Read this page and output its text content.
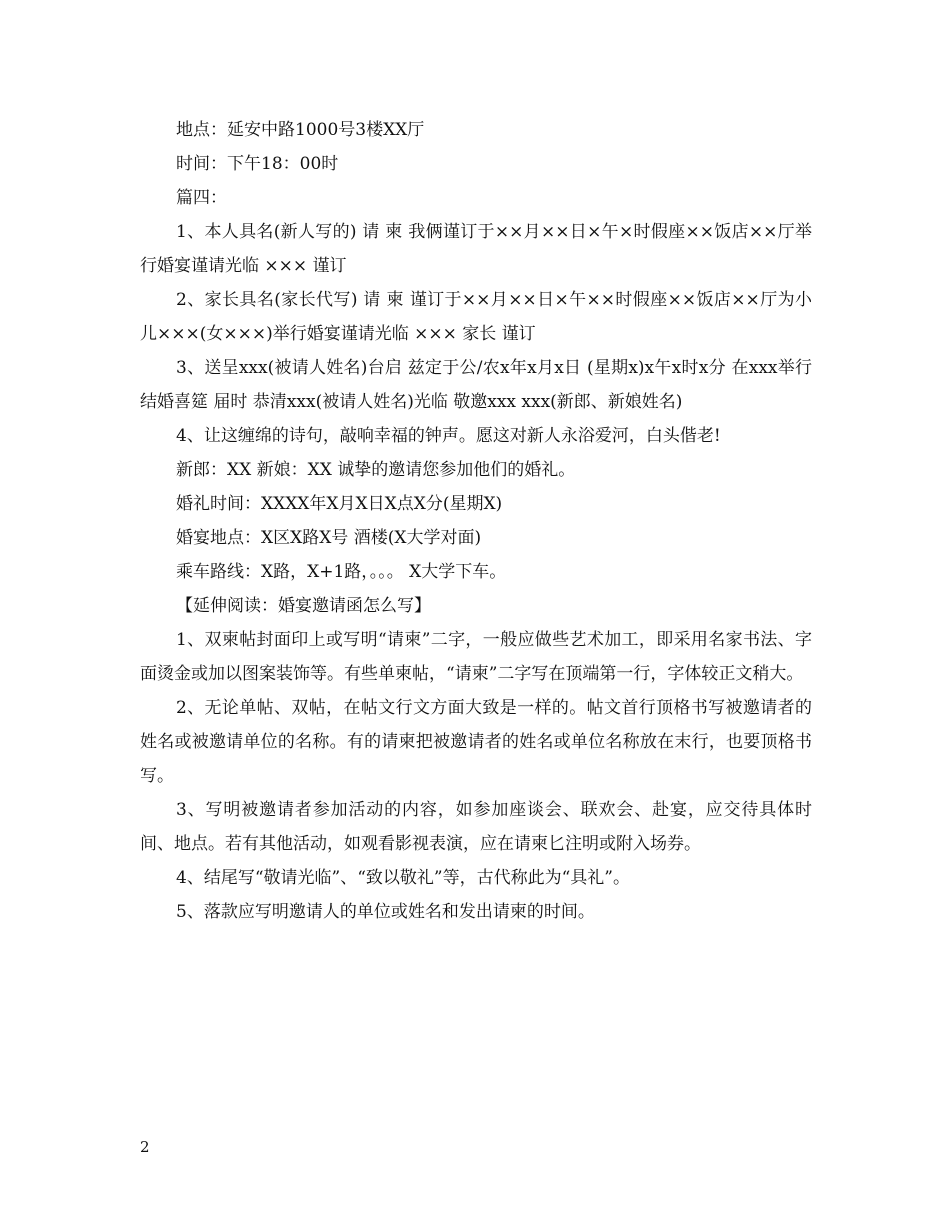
地点：延安中路1000号3楼XX厅

时间：下午18：00时

篇四：

1、本人具名(新人写的) 请 柬 我俩谨订于××月××日×午×时假座××饭店××厅举行婚宴谨请光临 ××× 谨订

2、家长具名(家长代写) 请 柬 谨订于××月××日×午××时假座××饭店××厅为小儿×××(女×××)举行婚宴谨请光临 ××× 家长 谨订

3、送呈xxx(被请人姓名)台启 兹定于公/农x年x月x日 (星期x)x午x时x分 在xxx举行结婚喜筵 届时 恭清xxx(被请人姓名)光临 敬邀xxx xxx(新郎、新娘姓名)

4、让这缠绵的诗句，敲响幸福的钟声。愿这对新人永浴爱河，白头偕老!

新郎：XX 新娘：XX 诚挚的邀请您参加他们的婚礼。

婚礼时间：XXXX年X月X日X点X分(星期X)

婚宴地点：X区X路X号 酒楼(X大学对面)

乘车路线：X路，X+1路，。。。 X大学下车。

【延伸阅读：婚宴邀请函怎么写】

1、双柬帖封面印上或写明“请柬”二字，一般应做些艺术加工，即采用名家书法、字面烫金或加以图案装饰等。有些单柬帖，“请柬”二字写在顶端第一行，字体较正文稍大。

2、无论单帖、双帖，在帖文行文方面大致是一样的。帖文首行顶格书写被邀请者的姓名或被邀请单位的名称。有的请柬把被邀请者的姓名或单位名称放在末行，也要顶格书写。

3、写明被邀请者参加活动的内容，如参加座谈会、联欢会、赴宴，应交待具体时间、地点。若有其他活动，如观看影视表演，应在请柬匕注明或附入场券。

4、结尾写“敬请光临”、“致以敬礼”等，古代称此为“具礼”。

5、落款应写明邀请人的单位或姓名和发出请柬的时间。

2
